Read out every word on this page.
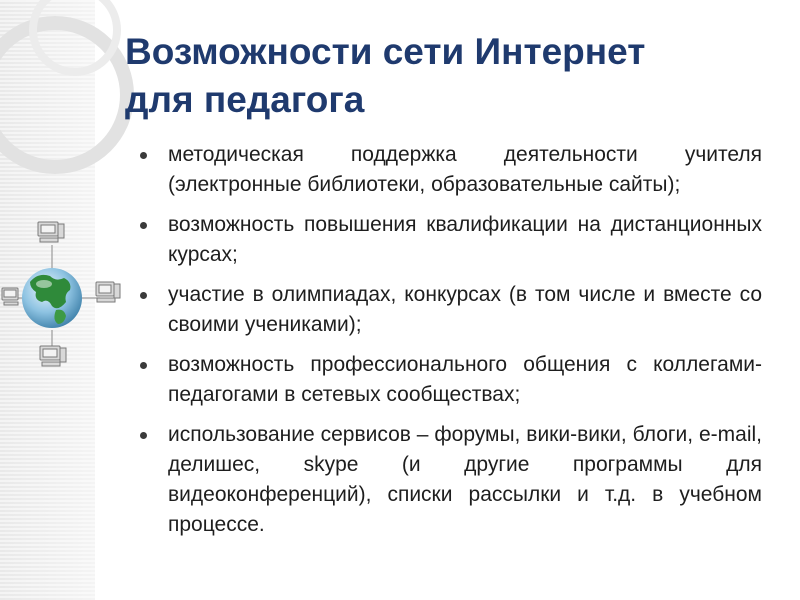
Возможности сети Интернет
для педагога
методическая поддержка деятельности учителя (электронные библиотеки, образовательные сайты);
возможность повышения квалификации на дистанционных курсах;
участие в олимпиадах, конкурсах (в том числе и вместе со своими учениками);
возможность профессионального общения с коллегами-педагогами в сетевых сообществах;
использование сервисов – форумы, вики-вики, блоги, e-mail, делишес, skype (и другие программы для видеоконференций), списки рассылки и т.д. в учебном процессе.
